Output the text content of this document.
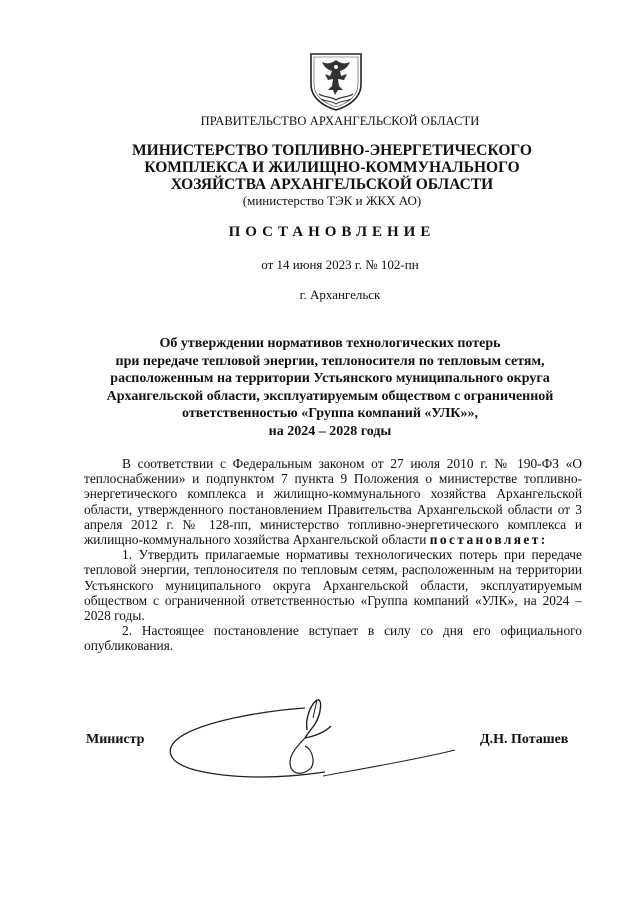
ПРАВИТЕЛЬСТВО АРХАНГЕЛЬСКОЙ ОБЛАСТИ
МИНИСТЕРСТВО ТОПЛИВНО-ЭНЕРГЕТИЧЕСКОГО
КОМПЛЕКСА И ЖИЛИЩНО-КОММУНАЛЬНОГО
ХОЗЯЙСТВА АРХАНГЕЛЬСКОЙ ОБЛАСТИ
(министерство ТЭК и ЖКХ АО)
ПОСТАНОВЛЕНИЕ
от 14 июня 2023 г. № 102-пн
г. Архангельск
Об утверждении нормативов технологических потерь
при передаче тепловой энергии, теплоносителя по тепловым сетям,
расположенным на территории Устьянского муниципального округа
Архангельской области, эксплуатируемым обществом с ограниченной
ответственностью «Группа компаний «УЛК»»,
на 2024 – 2028 годы

В соответствии с Федеральным законом от 27 июля 2010 г. № 190-ФЗ «О теплоснабжении» и подпунктом 7 пункта 9 Положения о министерстве топливно-энергетического комплекса и жилищно-коммунального хозяйства Архангельской области, утвержденного постановлением Правительства Архангельской области от 3 апреля 2012 г. № 128-пп, министерство топливно-энергетического комплекса и жилищно-коммунального хозяйства Архангельской области постановляет:

1. Утвердить прилагаемые нормативы технологических потерь при передаче тепловой энергии, теплоносителя по тепловым сетям, расположенным на территории Устьянского муниципального округа Архангельской области, эксплуатируемым обществом с ограниченной ответственностью «Группа компаний «УЛК», на 2024 – 2028 годы.

2. Настоящее постановление вступает в силу со дня его официального опубликования.

Министр	Д.Н. Поташев
